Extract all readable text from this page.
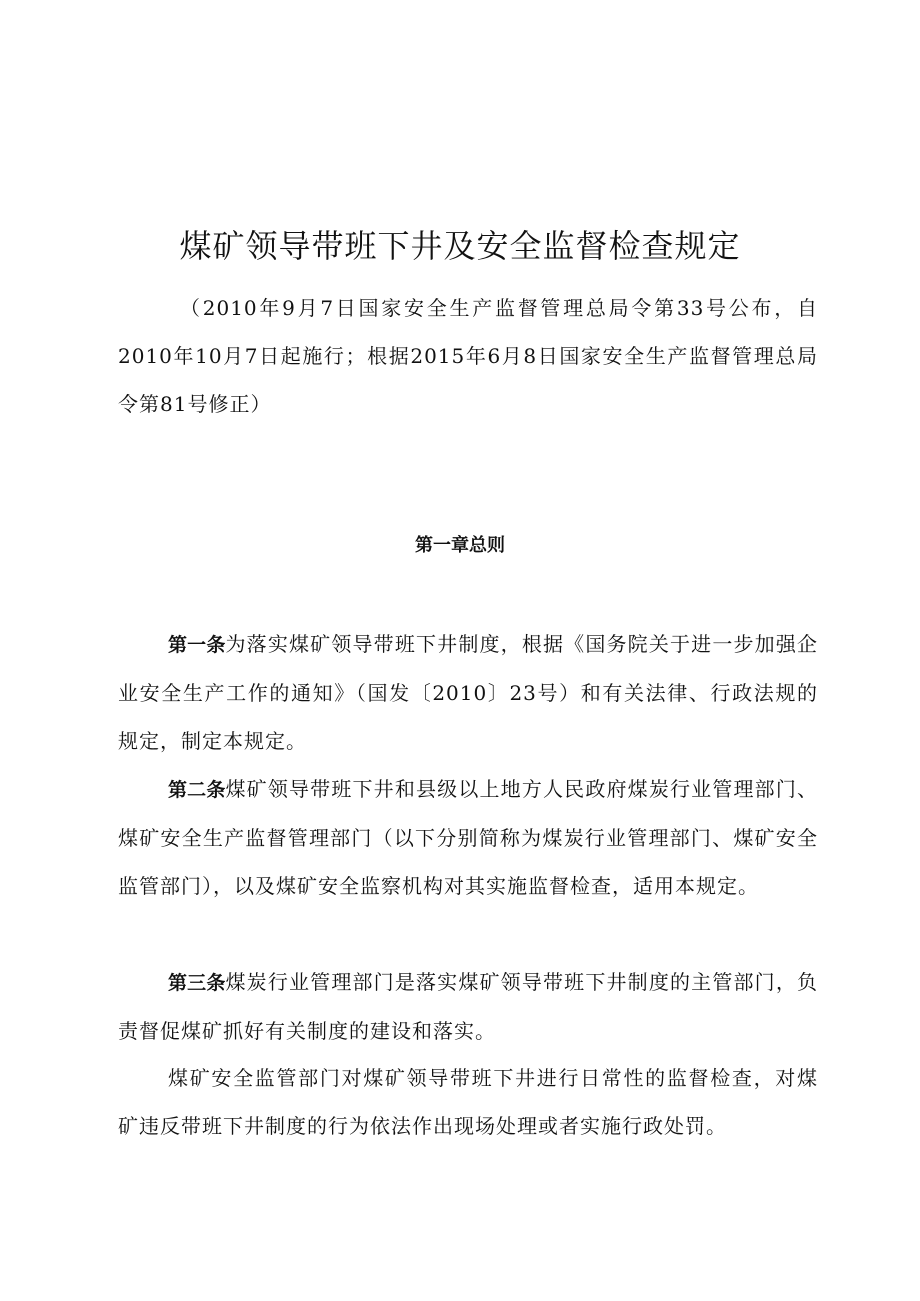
煤矿领导带班下井及安全监督检查规定
（2010年9月7日国家安全生产监督管理总局令第33号公布，自2010年10月7日起施行；根据2015年6月8日国家安全生产监督管理总局令第81号修正）
第一章总则

第一条为落实煤矿领导带班下井制度，根据《国务院关于进一步加强企业安全生产工作的通知》（国发〔2010〕23号）和有关法律、行政法规的规定，制定本规定。

第二条煤矿领导带班下井和县级以上地方人民政府煤炭行业管理部门、煤矿安全生产监督管理部门（以下分别简称为煤炭行业管理部门、煤矿安全监管部门），以及煤矿安全监察机构对其实施监督检查，适用本规定。

第三条煤炭行业管理部门是落实煤矿领导带班下井制度的主管部门，负责督促煤矿抓好有关制度的建设和落实。

煤矿安全监管部门对煤矿领导带班下井进行日常性的监督检查，对煤矿违反带班下井制度的行为依法作出现场处理或者实施行政处罚。
